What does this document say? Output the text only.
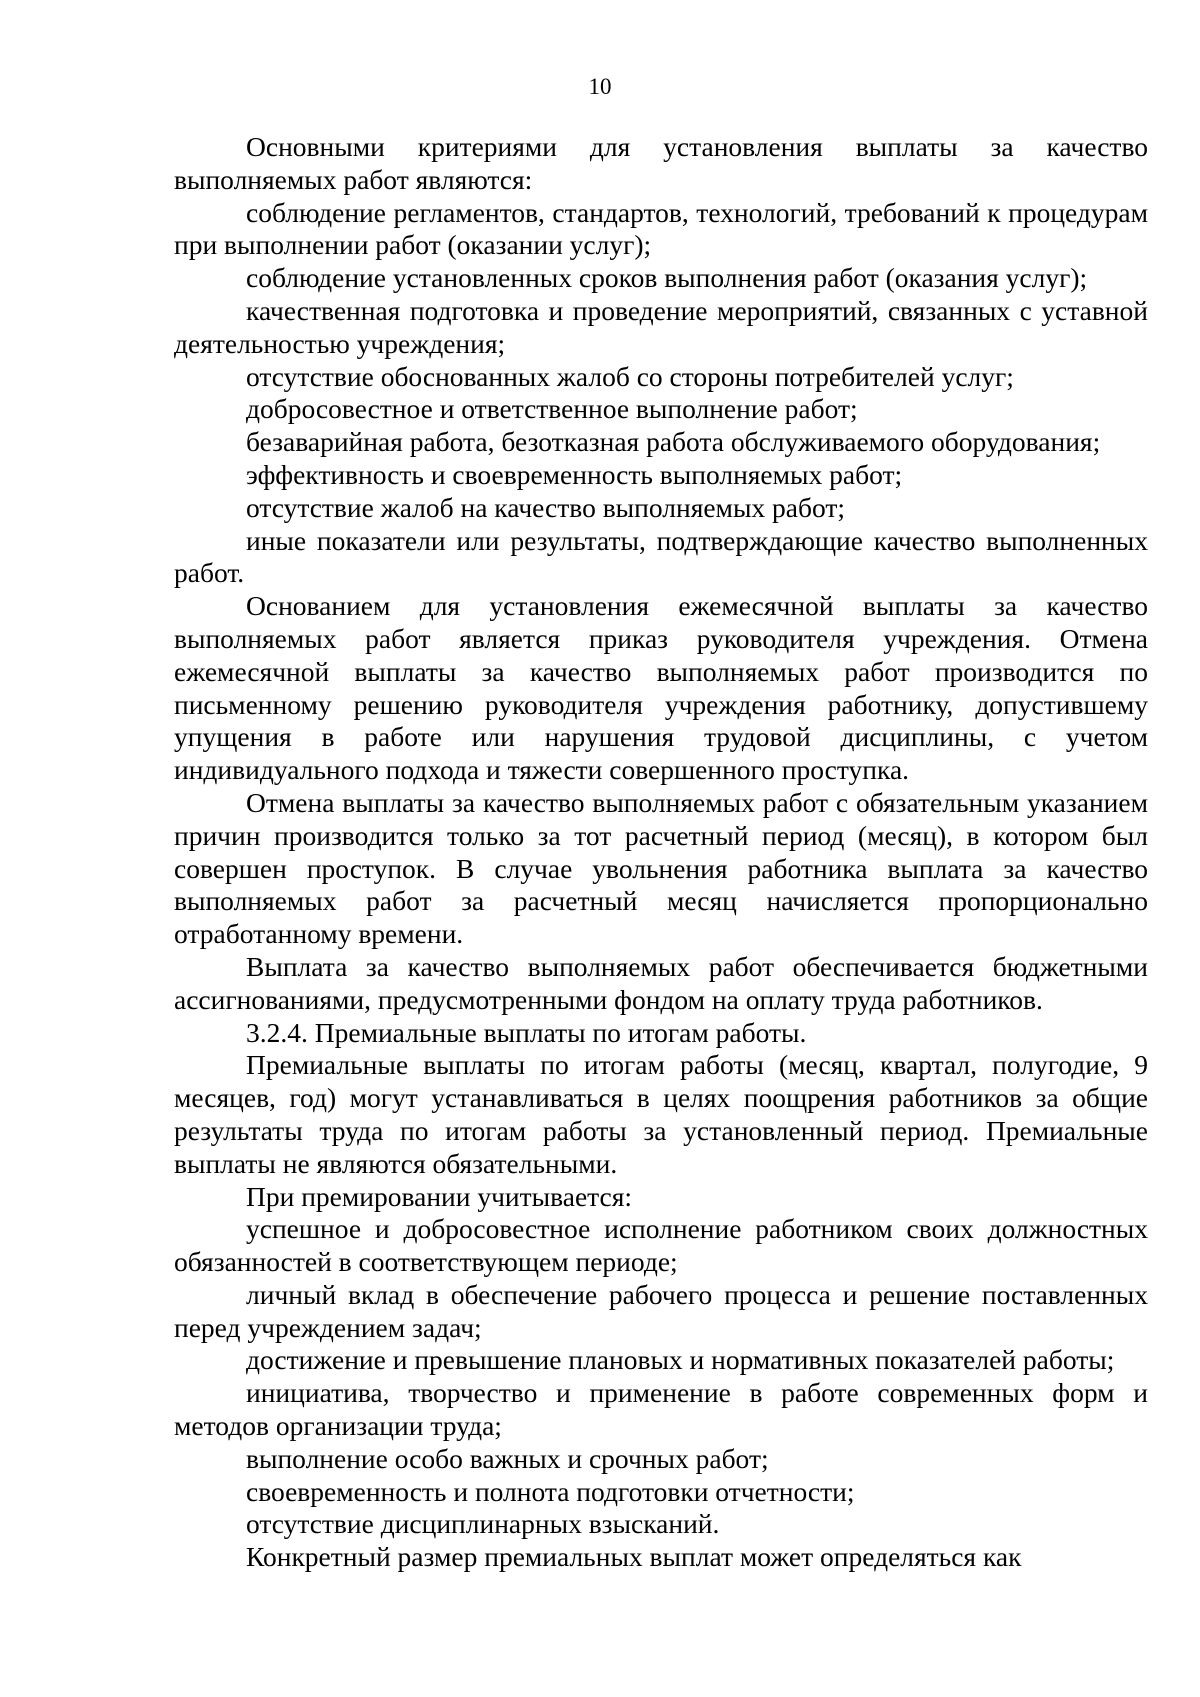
10

Основными критериями для установления выплаты за качество выполняемых работ являются:

соблюдение регламентов, стандартов, технологий, требований к процедурам при выполнении работ (оказании услуг);

соблюдение установленных сроков выполнения работ (оказания услуг);

качественная подготовка и проведение мероприятий, связанных с уставной деятельностью учреждения;

отсутствие обоснованных жалоб со стороны потребителей услуг;

добросовестное и ответственное выполнение работ;

безаварийная работа, безотказная работа обслуживаемого оборудования;

эффективность и своевременность выполняемых работ;

отсутствие жалоб на качество выполняемых работ;

иные показатели или результаты, подтверждающие качество выполненных работ.

Основанием для установления ежемесячной выплаты за качество выполняемых работ является приказ руководителя учреждения. Отмена ежемесячной выплаты за качество выполняемых работ производится по письменному решению руководителя учреждения работнику, допустившему упущения в работе или нарушения трудовой дисциплины, с учетом индивидуального подхода и тяжести совершенного проступка.

Отмена выплаты за качество выполняемых работ с обязательным указанием причин производится только за тот расчетный период (месяц), в котором был совершен проступок. В случае увольнения работника выплата за качество выполняемых работ за расчетный месяц начисляется пропорционально отработанному времени.

Выплата за качество выполняемых работ обеспечивается бюджетными ассигнованиями, предусмотренными фондом на оплату труда работников.

3.2.4. Премиальные выплаты по итогам работы.

Премиальные выплаты по итогам работы (месяц, квартал, полугодие, 9 месяцев, год) могут устанавливаться в целях поощрения работников за общие результаты труда по итогам работы за установленный период. Премиальные выплаты не являются обязательными.

При премировании учитывается:

успешное и добросовестное исполнение работником своих должностных обязанностей в соответствующем периоде;

личный вклад в обеспечение рабочего процесса и решение поставленных перед учреждением задач;

достижение и превышение плановых и нормативных показателей работы;

инициатива, творчество и применение в работе современных форм и методов организации труда;

выполнение особо важных и срочных работ;

своевременность и полнота подготовки отчетности;

отсутствие дисциплинарных взысканий.

Конкретный размер премиальных выплат может определяться как
